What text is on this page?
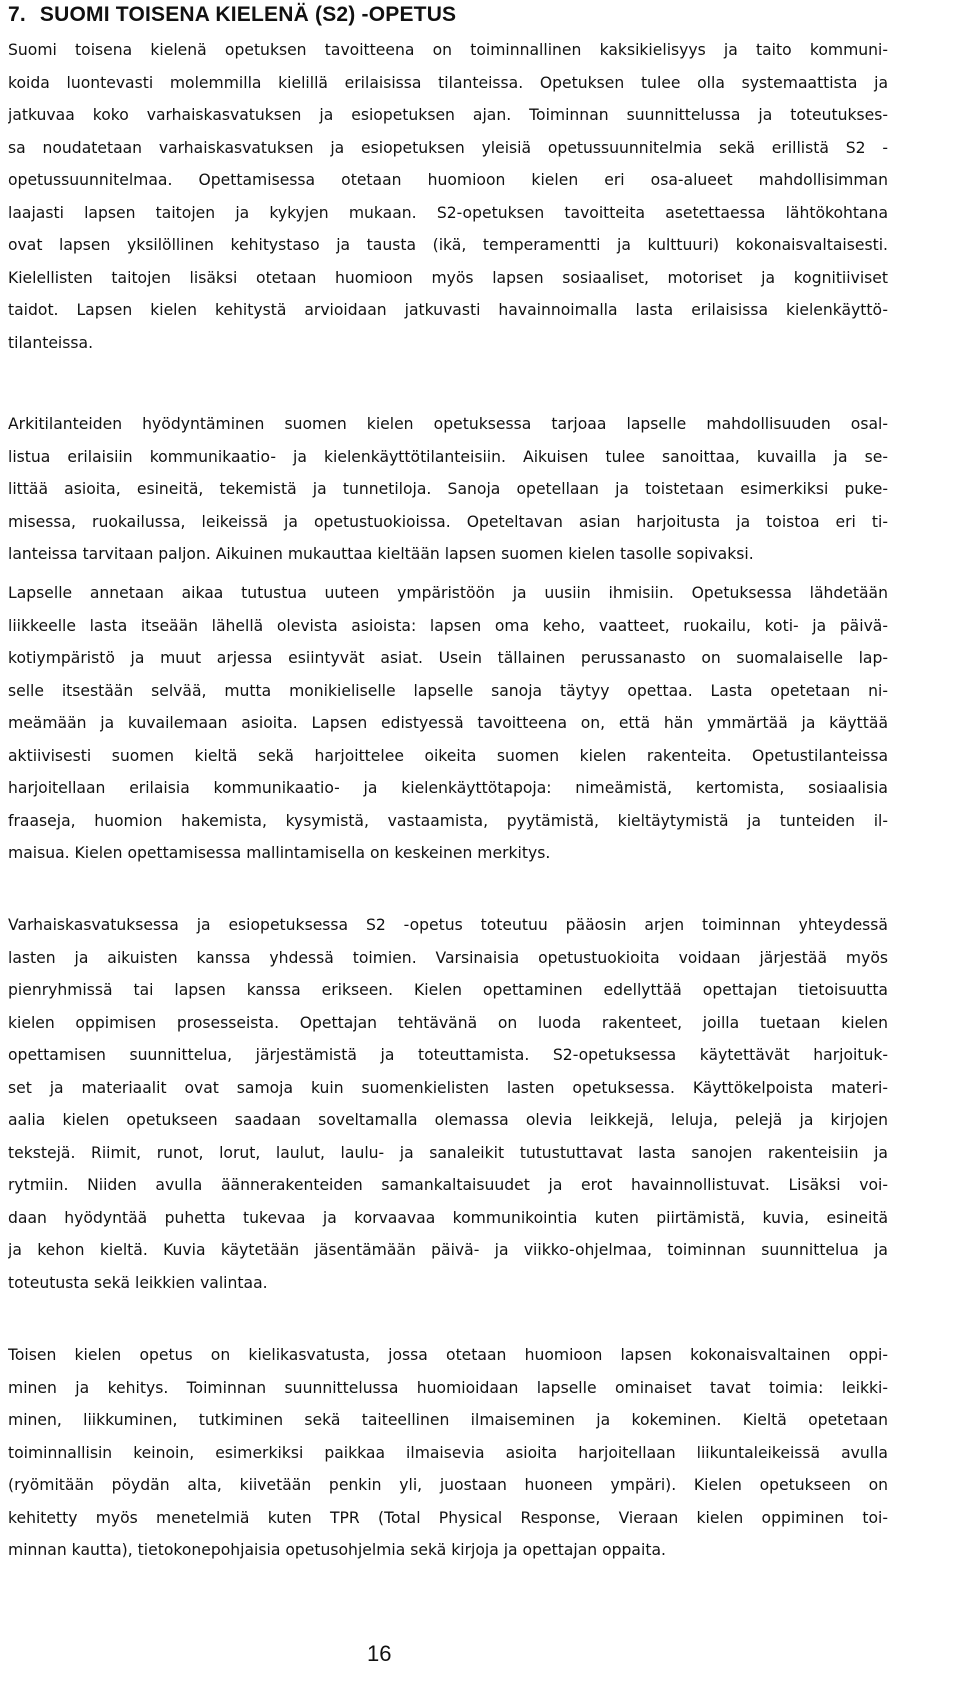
7. SUOMI TOISENA KIELENÄ (S2) -OPETUS
Suomi toisena kielenä opetuksen tavoitteena on toiminnallinen kaksikielisyys ja taito kommuni-
koida luontevasti molemmilla kielillä erilaisissa tilanteissa. Opetuksen tulee olla systemaattista ja
jatkuvaa koko varhaiskasvatuksen ja esiopetuksen ajan. Toiminnan suunnittelussa ja toteutukses-
sa noudatetaan varhaiskasvatuksen ja esiopetuksen yleisiä opetussuunnitelmia sekä erillistä S2 -
opetussuunnitelmaa. Opettamisessa otetaan huomioon kielen eri osa-alueet mahdollisimman
laajasti lapsen taitojen ja kykyjen mukaan. S2-opetuksen tavoitteita asetettaessa lähtökohtana
ovat lapsen yksilöllinen kehitystaso ja tausta (ikä, temperamentti ja kulttuuri) kokonaisvaltaisesti.
Kielellisten taitojen lisäksi otetaan huomioon myös lapsen sosiaaliset, motoriset ja kognitiiviset
taidot. Lapsen kielen kehitystä arvioidaan jatkuvasti havainnoimalla lasta erilaisissa kielenkäyttö-
tilanteissa.
Arkitilanteiden hyödyntäminen suomen kielen opetuksessa tarjoaa lapselle mahdollisuuden osal-
listua erilaisiin kommunikaatio- ja kielenkäyttötilanteisiin. Aikuisen tulee sanoittaa, kuvailla ja se-
littää asioita, esineitä, tekemistä ja tunnetiloja. Sanoja opetellaan ja toistetaan esimerkiksi puke-
misessa, ruokailussa, leikeissä ja opetustuokioissa. Opeteltavan asian harjoitusta ja toistoa eri ti-
lanteissa tarvitaan paljon. Aikuinen mukauttaa kieltään lapsen suomen kielen tasolle sopivaksi.
Lapselle annetaan aikaa tutustua uuteen ympäristöön ja uusiin ihmisiin. Opetuksessa lähdetään
liikkeelle lasta itseään lähellä olevista asioista: lapsen oma keho, vaatteet, ruokailu, koti- ja päivä-
kotiympäristö ja muut arjessa esiintyvät asiat. Usein tällainen perussanasto on suomalaiselle lap-
selle itsestään selvää, mutta monikieliselle lapselle sanoja täytyy opettaa. Lasta opetetaan ni-
meämään ja kuvailemaan asioita. Lapsen edistyessä tavoitteena on, että hän ymmärtää ja käyttää
aktiivisesti suomen kieltä sekä harjoittelee oikeita suomen kielen rakenteita. Opetustilanteissa
harjoitellaan erilaisia kommunikaatio- ja kielenkäyttötapoja: nimeämistä, kertomista, sosiaalisia
fraaseja, huomion hakemista, kysymistä, vastaamista, pyytämistä, kieltäytymistä ja tunteiden il-
maisua. Kielen opettamisessa mallintamisella on keskeinen merkitys.
Varhaiskasvatuksessa ja esiopetuksessa S2 -opetus toteutuu pääosin arjen toiminnan yhteydessä
lasten ja aikuisten kanssa yhdessä toimien. Varsinaisia opetustuokioita voidaan järjestää myös
pienryhmissä tai lapsen kanssa erikseen. Kielen opettaminen edellyttää opettajan tietoisuutta
kielen oppimisen prosesseista. Opettajan tehtävänä on luoda rakenteet, joilla tuetaan kielen
opettamisen suunnittelua, järjestämistä ja toteuttamista. S2-opetuksessa käytettävät harjoituk-
set ja materiaalit ovat samoja kuin suomenkielisten lasten opetuksessa. Käyttökelpoista materi-
aalia kielen opetukseen saadaan soveltamalla olemassa olevia leikkejä, leluja, pelejä ja kirjojen
tekstejä. Riimit, runot, lorut, laulut, laulu- ja sanaleikit tutustuttavat lasta sanojen rakenteisiin ja
rytmiin. Niiden avulla äännerakenteiden samankaltaisuudet ja erot havainnollistuvat. Lisäksi voi-
daan hyödyntää puhetta tukevaa ja korvaavaa kommunikointia kuten piirtämistä, kuvia, esineitä
ja kehon kieltä. Kuvia käytetään jäsentämään päivä- ja viikko-ohjelmaa, toiminnan suunnittelua ja
toteutusta sekä leikkien valintaa.
Toisen kielen opetus on kielikasvatusta, jossa otetaan huomioon lapsen kokonaisvaltainen oppi-
minen ja kehitys. Toiminnan suunnittelussa huomioidaan lapselle ominaiset tavat toimia: leikki-
minen, liikkuminen, tutkiminen sekä taiteellinen ilmaiseminen ja kokeminen. Kieltä opetetaan
toiminnallisin keinoin, esimerkiksi paikkaa ilmaisevia asioita harjoitellaan liikuntaleikeissä avulla
(ryömitään pöydän alta, kiivetään penkin yli, juostaan huoneen ympäri). Kielen opetukseen on
kehitetty myös menetelmiä kuten TPR (Total Physical Response, Vieraan kielen oppiminen toi-
minnan kautta), tietokonepohjaisia opetusohjelmia sekä kirjoja ja opettajan oppaita.
16
